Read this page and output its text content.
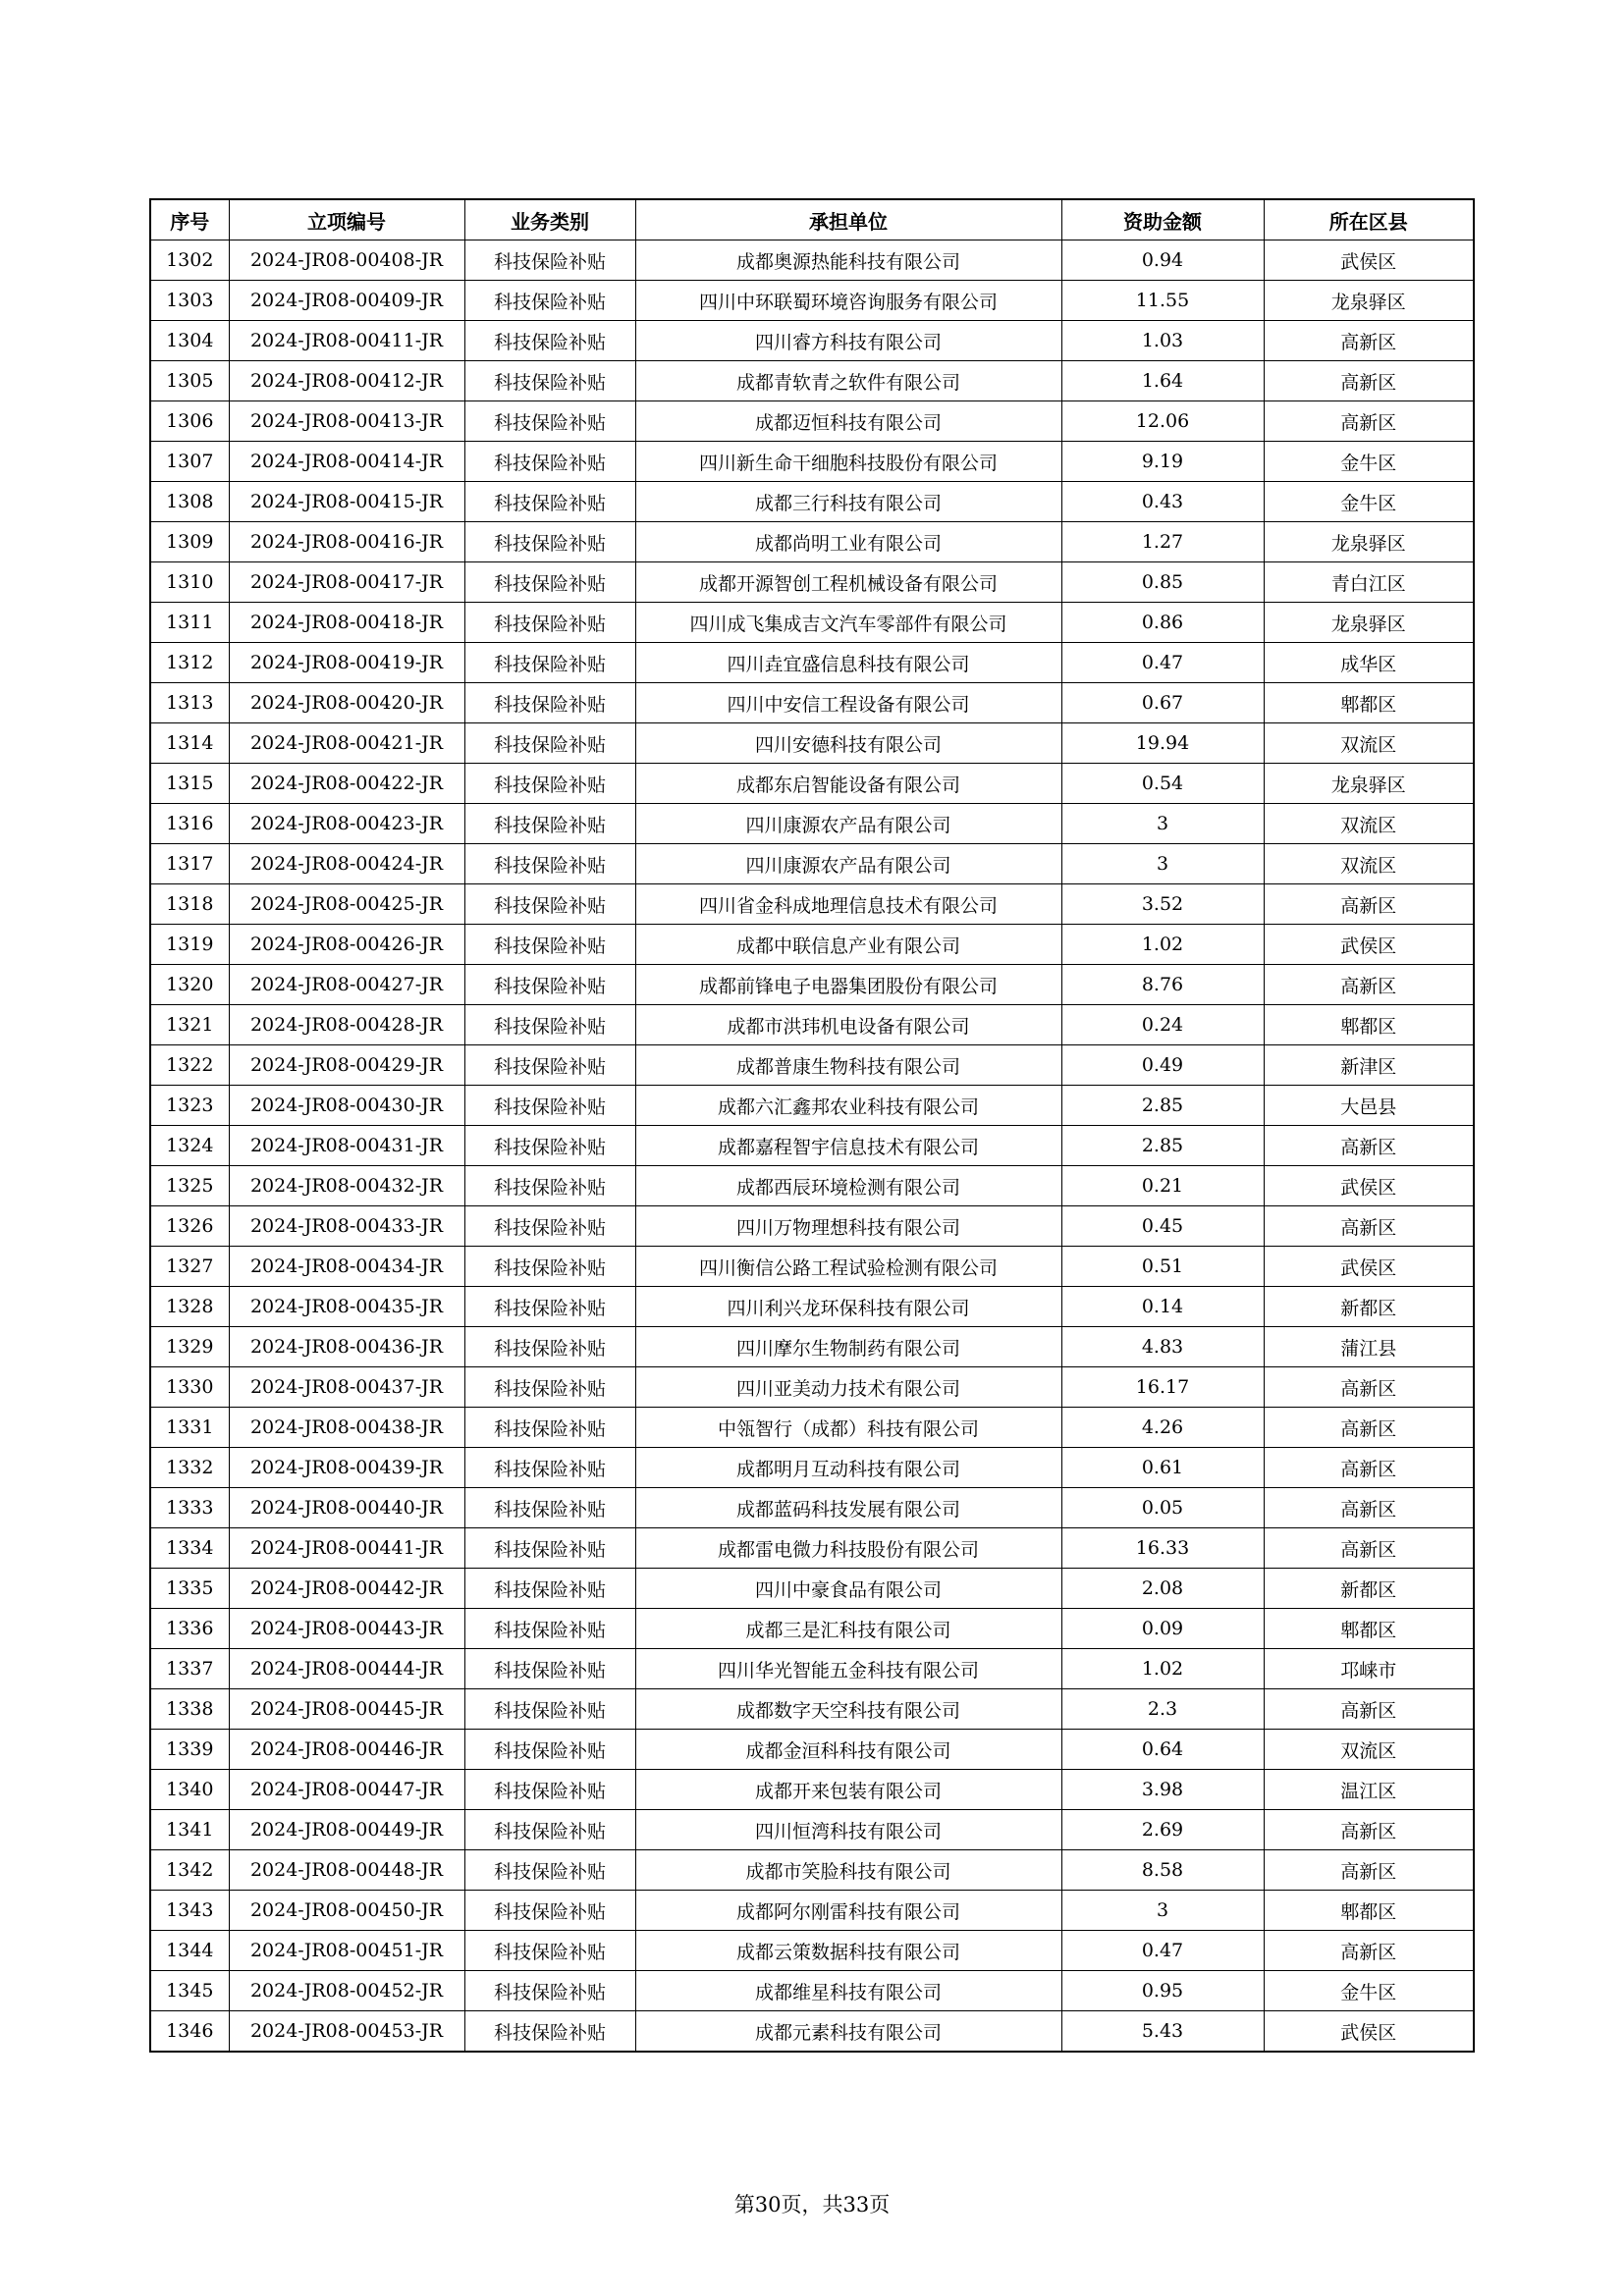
序号	立项编号	业务类别	承担单位	资助金额	所在区县
1302	2024-JR08-00408-JR	科技保险补贴	成都奥源热能科技有限公司	0.94	武侯区
1303	2024-JR08-00409-JR	科技保险补贴	四川中环联蜀环境咨询服务有限公司	11.55	龙泉驿区
1304	2024-JR08-00411-JR	科技保险补贴	四川睿方科技有限公司	1.03	高新区
1305	2024-JR08-00412-JR	科技保险补贴	成都青软青之软件有限公司	1.64	高新区
1306	2024-JR08-00413-JR	科技保险补贴	成都迈恒科技有限公司	12.06	高新区
1307	2024-JR08-00414-JR	科技保险补贴	四川新生命干细胞科技股份有限公司	9.19	金牛区
1308	2024-JR08-00415-JR	科技保险补贴	成都三行科技有限公司	0.43	金牛区
1309	2024-JR08-00416-JR	科技保险补贴	成都尚明工业有限公司	1.27	龙泉驿区
1310	2024-JR08-00417-JR	科技保险补贴	成都开源智创工程机械设备有限公司	0.85	青白江区
1311	2024-JR08-00418-JR	科技保险补贴	四川成飞集成吉文汽车零部件有限公司	0.86	龙泉驿区
1312	2024-JR08-00419-JR	科技保险补贴	四川垚宜盛信息科技有限公司	0.47	成华区
1313	2024-JR08-00420-JR	科技保险补贴	四川中安信工程设备有限公司	0.67	郫都区
1314	2024-JR08-00421-JR	科技保险补贴	四川安德科技有限公司	19.94	双流区
1315	2024-JR08-00422-JR	科技保险补贴	成都东启智能设备有限公司	0.54	龙泉驿区
1316	2024-JR08-00423-JR	科技保险补贴	四川康源农产品有限公司	3	双流区
1317	2024-JR08-00424-JR	科技保险补贴	四川康源农产品有限公司	3	双流区
1318	2024-JR08-00425-JR	科技保险补贴	四川省金科成地理信息技术有限公司	3.52	高新区
1319	2024-JR08-00426-JR	科技保险补贴	成都中联信息产业有限公司	1.02	武侯区
1320	2024-JR08-00427-JR	科技保险补贴	成都前锋电子电器集团股份有限公司	8.76	高新区
1321	2024-JR08-00428-JR	科技保险补贴	成都市洪玮机电设备有限公司	0.24	郫都区
1322	2024-JR08-00429-JR	科技保险补贴	成都普康生物科技有限公司	0.49	新津区
1323	2024-JR08-00430-JR	科技保险补贴	成都六汇鑫邦农业科技有限公司	2.85	大邑县
1324	2024-JR08-00431-JR	科技保险补贴	成都嘉程智宇信息技术有限公司	2.85	高新区
1325	2024-JR08-00432-JR	科技保险补贴	成都西辰环境检测有限公司	0.21	武侯区
1326	2024-JR08-00433-JR	科技保险补贴	四川万物理想科技有限公司	0.45	高新区
1327	2024-JR08-00434-JR	科技保险补贴	四川衡信公路工程试验检测有限公司	0.51	武侯区
1328	2024-JR08-00435-JR	科技保险补贴	四川利兴龙环保科技有限公司	0.14	新都区
1329	2024-JR08-00436-JR	科技保险补贴	四川摩尔生物制药有限公司	4.83	蒲江县
1330	2024-JR08-00437-JR	科技保险补贴	四川亚美动力技术有限公司	16.17	高新区
1331	2024-JR08-00438-JR	科技保险补贴	中瓴智行（成都）科技有限公司	4.26	高新区
1332	2024-JR08-00439-JR	科技保险补贴	成都明月互动科技有限公司	0.61	高新区
1333	2024-JR08-00440-JR	科技保险补贴	成都蓝码科技发展有限公司	0.05	高新区
1334	2024-JR08-00441-JR	科技保险补贴	成都雷电微力科技股份有限公司	16.33	高新区
1335	2024-JR08-00442-JR	科技保险补贴	四川中豪食品有限公司	2.08	新都区
1336	2024-JR08-00443-JR	科技保险补贴	成都三是汇科技有限公司	0.09	郫都区
1337	2024-JR08-00444-JR	科技保险补贴	四川华光智能五金科技有限公司	1.02	邛崃市
1338	2024-JR08-00445-JR	科技保险补贴	成都数字天空科技有限公司	2.3	高新区
1339	2024-JR08-00446-JR	科技保险补贴	成都金洹科科技有限公司	0.64	双流区
1340	2024-JR08-00447-JR	科技保险补贴	成都开来包装有限公司	3.98	温江区
1341	2024-JR08-00449-JR	科技保险补贴	四川恒湾科技有限公司	2.69	高新区
1342	2024-JR08-00448-JR	科技保险补贴	成都市笑脸科技有限公司	8.58	高新区
1343	2024-JR08-00450-JR	科技保险补贴	成都阿尔刚雷科技有限公司	3	郫都区
1344	2024-JR08-00451-JR	科技保险补贴	成都云策数据科技有限公司	0.47	高新区
1345	2024-JR08-00452-JR	科技保险补贴	成都维星科技有限公司	0.95	金牛区
1346	2024-JR08-00453-JR	科技保险补贴	成都元素科技有限公司	5.43	武侯区
第30页，共33页
